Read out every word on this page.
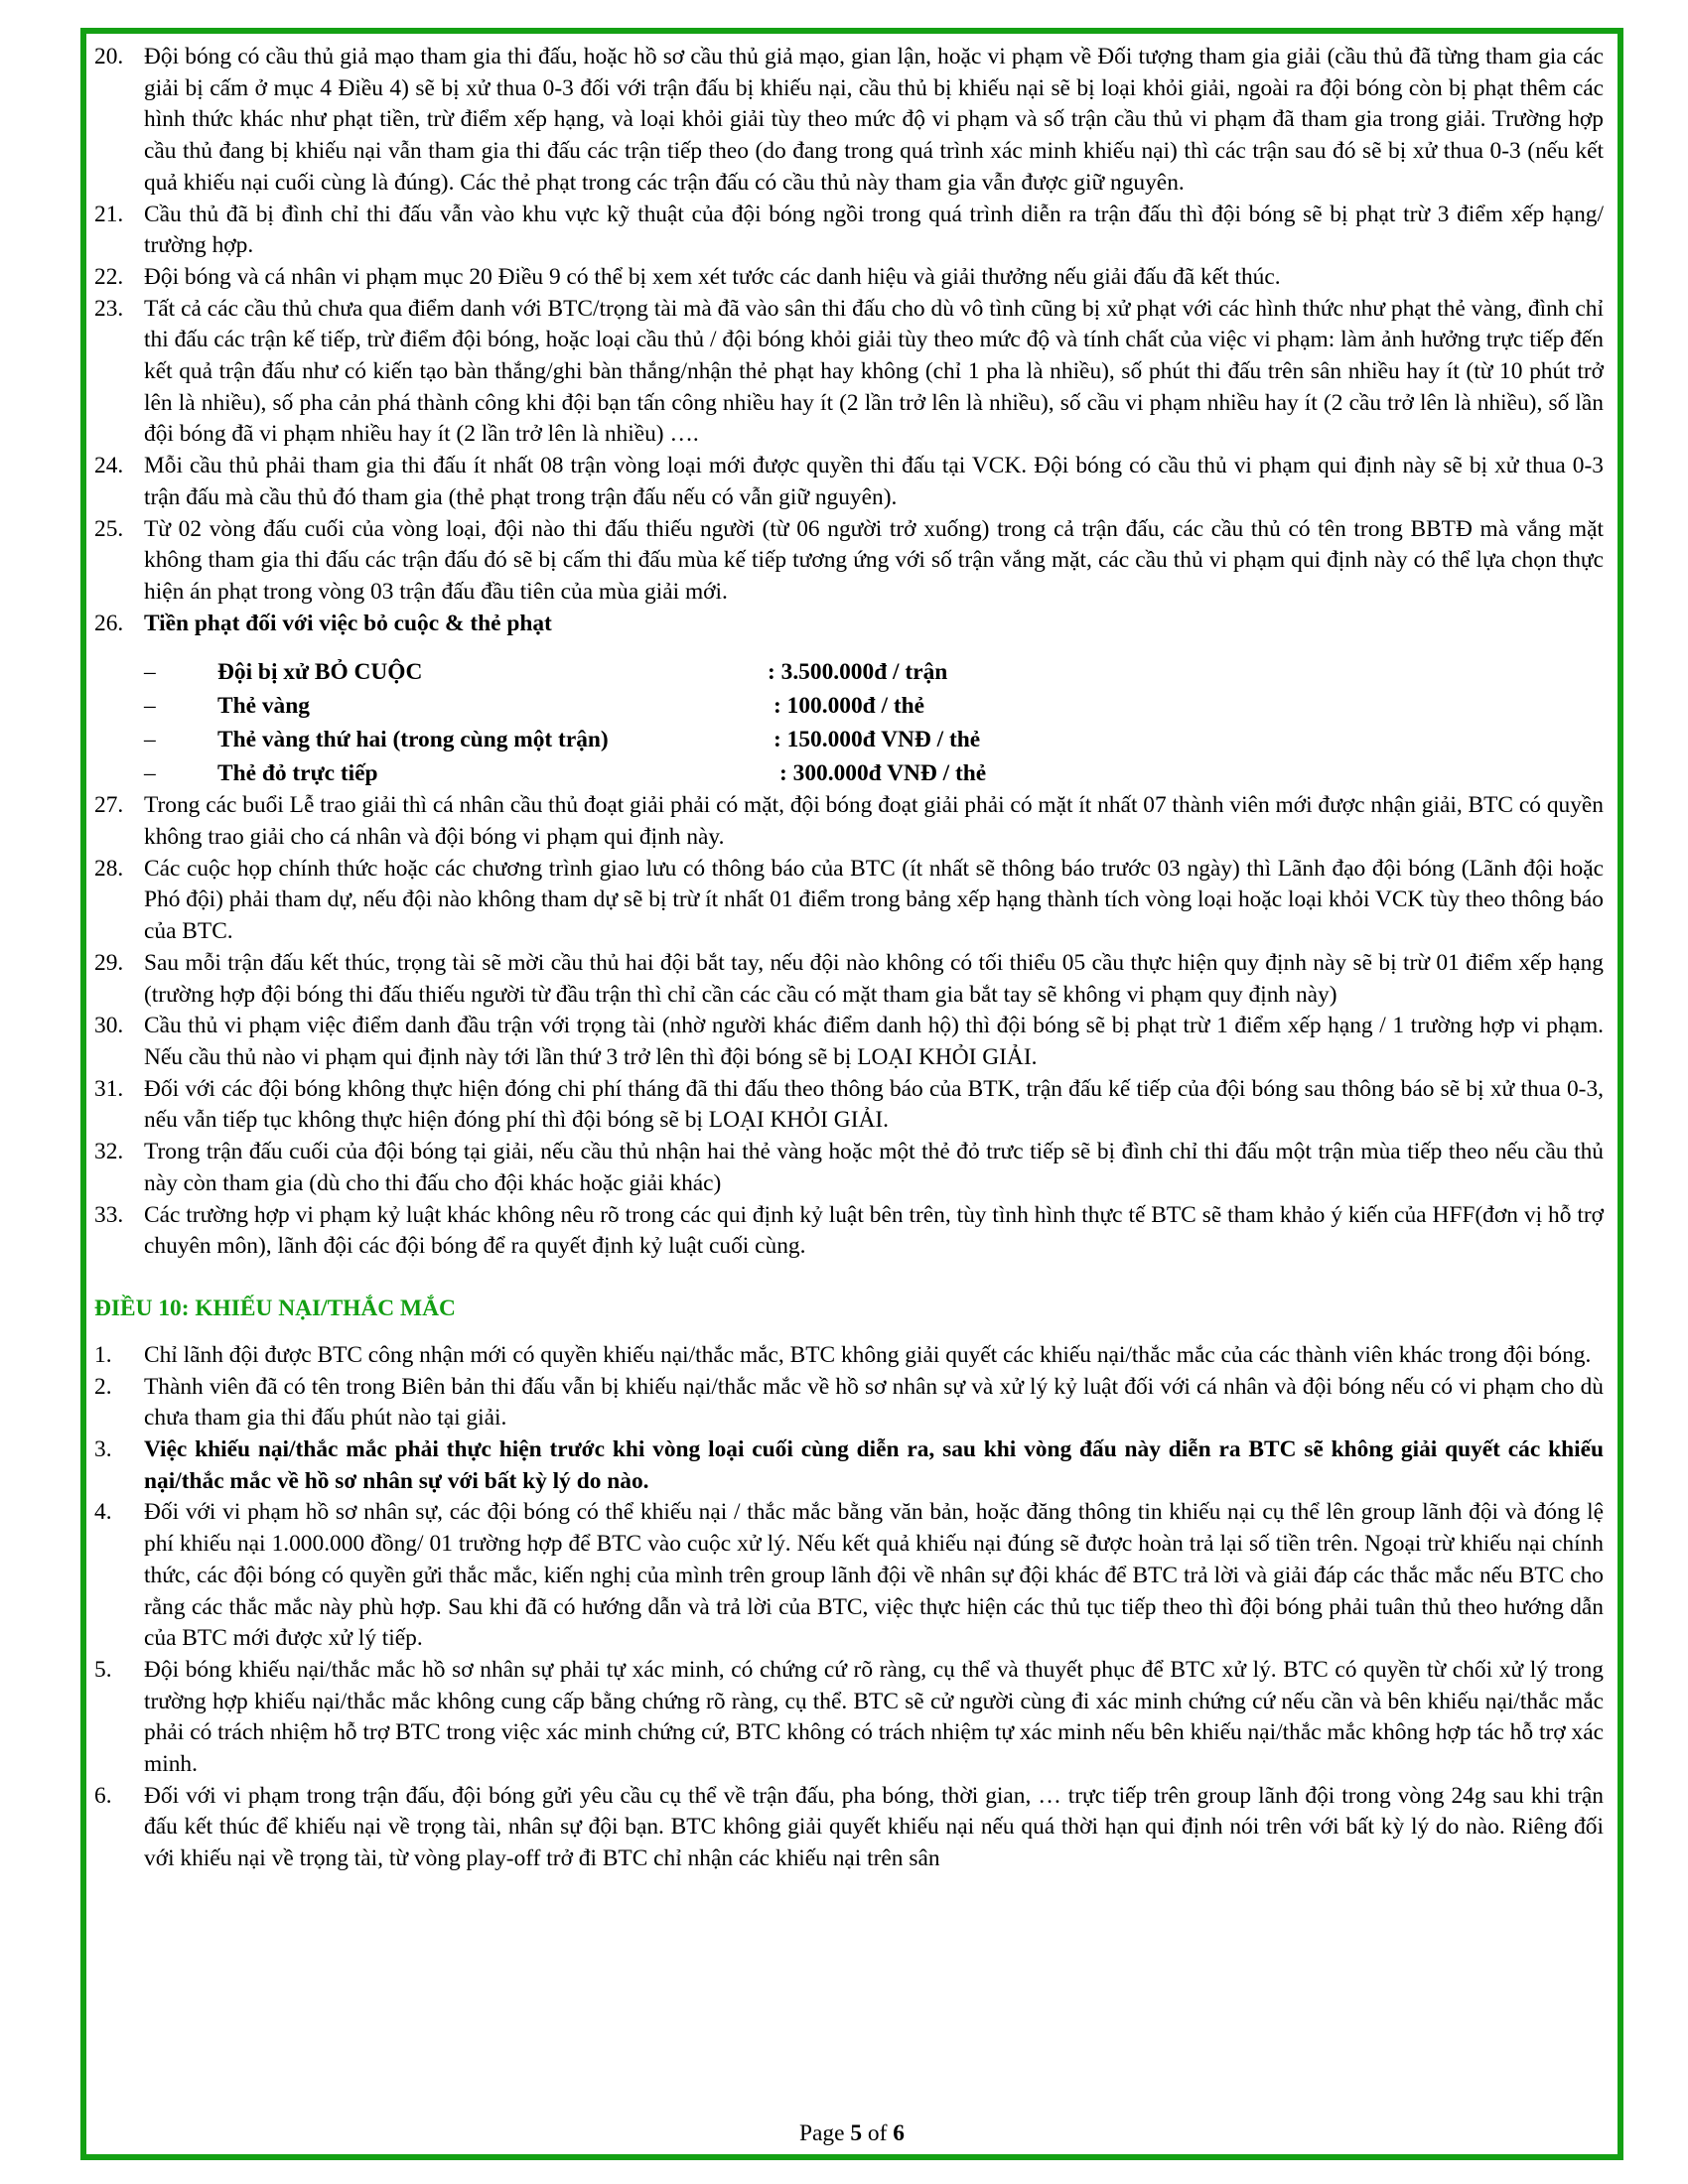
20. Đội bóng có cầu thủ giả mạo tham gia thi đấu, hoặc hồ sơ cầu thủ giả mạo, gian lận, hoặc vi phạm về Đối tượng tham gia giải (cầu thủ đã từng tham gia các giải bị cấm ở mục 4 Điều 4) sẽ bị xử thua 0-3 đối với trận đấu bị khiếu nại, cầu thủ bị khiếu nại sẽ bị loại khỏi giải, ngoài ra đội bóng còn bị phạt thêm các hình thức khác như phạt tiền, trừ điểm xếp hạng, và loại khỏi giải tùy theo mức độ vi phạm và số trận cầu thủ vi phạm đã tham gia trong giải. Trường hợp cầu thủ đang bị khiếu nại vẫn tham gia thi đấu các trận tiếp theo (do đang trong quá trình xác minh khiếu nại) thì các trận sau đó sẽ bị xử thua 0-3 (nếu kết quả khiếu nại cuối cùng là đúng). Các thẻ phạt trong các trận đấu có cầu thủ này tham gia vẫn được giữ nguyên.
21. Cầu thủ đã bị đình chỉ thi đấu vẫn vào khu vực kỹ thuật của đội bóng ngồi trong quá trình diễn ra trận đấu thì đội bóng sẽ bị phạt trừ 3 điểm xếp hạng/ trường hợp.
22. Đội bóng và cá nhân vi phạm mục 20 Điều 9 có thể bị xem xét tước các danh hiệu và giải thưởng nếu giải đấu đã kết thúc.
23. Tất cả các cầu thủ chưa qua điểm danh với BTC/trọng tài mà đã vào sân thi đấu cho dù vô tình cũng bị xử phạt với các hình thức như phạt thẻ vàng, đình chỉ thi đấu các trận kế tiếp, trừ điểm đội bóng, hoặc loại cầu thủ / đội bóng khỏi giải tùy theo mức độ và tính chất của việc vi phạm: làm ảnh hưởng trực tiếp đến kết quả trận đấu như có kiến tạo bàn thắng/ghi bàn thắng/nhận thẻ phạt hay không (chỉ 1 pha là nhiều), số phút thi đấu trên sân nhiều hay ít (từ 10 phút trở lên là nhiều), số pha cản phá thành công khi đội bạn tấn công nhiều hay ít (2 lần trở lên là nhiều), số cầu vi phạm nhiều hay ít (2 cầu trở lên là nhiều), số lần đội bóng đã vi phạm nhiều hay ít (2 lần trở lên là nhiều) ….
24. Mỗi cầu thủ phải tham gia thi đấu ít nhất 08 trận vòng loại mới được quyền thi đấu tại VCK. Đội bóng có cầu thủ vi phạm qui định này sẽ bị xử thua 0-3 trận đấu mà cầu thủ đó tham gia (thẻ phạt trong trận đấu nếu có vẫn giữ nguyên).
25. Từ 02 vòng đấu cuối của vòng loại, đội nào thi đấu thiếu người (từ 06 người trở xuống) trong cả trận đấu, các cầu thủ có tên trong BBTĐ mà vắng mặt không tham gia thi đấu các trận đấu đó sẽ bị cấm thi đấu mùa kế tiếp tương ứng với số trận vắng mặt, các cầu thủ vi phạm qui định này có thể lựa chọn thực hiện án phạt trong vòng 03 trận đấu đầu tiên của mùa giải mới.
26. Tiền phạt đối với việc bỏ cuộc & thẻ phạt
–	Đội bị xử BỎ CUỘC	: 3.500.000đ / trận
–	Thẻ vàng	: 100.000đ / thẻ
–	Thẻ vàng thứ hai (trong cùng một trận)	: 150.000đ VNĐ / thẻ
–	Thẻ đỏ trực tiếp	: 300.000đ VNĐ / thẻ
27. Trong các buổi Lễ trao giải thì cá nhân cầu thủ đoạt giải phải có mặt, đội bóng đoạt giải phải có mặt ít nhất 07 thành viên mới được nhận giải, BTC có quyền không trao giải cho cá nhân và đội bóng vi phạm qui định này.
28. Các cuộc họp chính thức hoặc các chương trình giao lưu có thông báo của BTC (ít nhất sẽ thông báo trước 03 ngày) thì Lãnh đạo đội bóng (Lãnh đội hoặc Phó đội) phải tham dự, nếu đội nào không tham dự sẽ bị trừ ít nhất 01 điểm trong bảng xếp hạng thành tích vòng loại hoặc loại khỏi VCK tùy theo thông báo của BTC.
29. Sau mỗi trận đấu kết thúc, trọng tài sẽ mời cầu thủ hai đội bắt tay, nếu đội nào không có tối thiểu 05 cầu thực hiện quy định này sẽ bị trừ 01 điểm xếp hạng (trường hợp đội bóng thi đấu thiếu người từ đầu trận thì chỉ cần các cầu có mặt tham gia bắt tay sẽ không vi phạm quy định này)
30. Cầu thủ vi phạm việc điểm danh đầu trận với trọng tài (nhờ người khác điểm danh hộ) thì đội bóng sẽ bị phạt trừ 1 điểm xếp hạng / 1 trường hợp vi phạm. Nếu cầu thủ nào vi phạm qui định này tới lần thứ 3 trở lên thì đội bóng sẽ bị LOẠI KHỎI GIẢI.
31. Đối với các đội bóng không thực hiện đóng chi phí tháng đã thi đấu theo thông báo của BTK, trận đấu kế tiếp của đội bóng sau thông báo sẽ bị xử thua 0-3, nếu vẫn tiếp tục không thực hiện đóng phí thì đội bóng sẽ bị LOẠI KHỎI GIẢI.
32. Trong trận đấu cuối của đội bóng tại giải, nếu cầu thủ nhận hai thẻ vàng hoặc một thẻ đỏ trưc tiếp sẽ bị đình chỉ thi đấu một trận mùa tiếp theo nếu cầu thủ này còn tham gia (dù cho thi đấu cho đội khác hoặc giải khác)
33. Các trường hợp vi phạm kỷ luật khác không nêu rõ trong các qui định kỷ luật bên trên, tùy tình hình thực tế BTC sẽ tham khảo ý kiến của HFF(đơn vị hỗ trợ chuyên môn), lãnh đội các đội bóng để ra quyết định kỷ luật cuối cùng.
ĐIỀU 10: KHIẾU NẠI/THẮC MẮC
1. Chỉ lãnh đội được BTC công nhận mới có quyền khiếu nại/thắc mắc, BTC không giải quyết các khiếu nại/thắc mắc của các thành viên khác trong đội bóng.
2. Thành viên đã có tên trong Biên bản thi đấu vẫn bị khiếu nại/thắc mắc về hồ sơ nhân sự và xử lý kỷ luật đối với cá nhân và đội bóng nếu có vi phạm cho dù chưa tham gia thi đấu phút nào tại giải.
3. Việc khiếu nại/thắc mắc phải thực hiện trước khi vòng loại cuối cùng diễn ra, sau khi vòng đấu này diễn ra BTC sẽ không giải quyết các khiếu nại/thắc mắc về hồ sơ nhân sự với bất kỳ lý do nào.
4. Đối với vi phạm hồ sơ nhân sự, các đội bóng có thể khiếu nại / thắc mắc bằng văn bản, hoặc đăng thông tin khiếu nại cụ thể lên group lãnh đội và đóng lệ phí khiếu nại 1.000.000 đồng/ 01 trường hợp để BTC vào cuộc xử lý. Nếu kết quả khiếu nại đúng sẽ được hoàn trả lại số tiền trên. Ngoại trừ khiếu nại chính thức, các đội bóng có quyền gửi thắc mắc, kiến nghị của mình trên group lãnh đội về nhân sự đội khác để BTC trả lời và giải đáp các thắc mắc nếu BTC cho rằng các thắc mắc này phù hợp. Sau khi đã có hướng dẫn và trả lời của BTC, việc thực hiện các thủ tục tiếp theo thì đội bóng phải tuân thủ theo hướng dẫn của BTC mới được xử lý tiếp.
5. Đội bóng khiếu nại/thắc mắc hồ sơ nhân sự phải tự xác minh, có chứng cứ rõ ràng, cụ thể và thuyết phục để BTC xử lý. BTC có quyền từ chối xử lý trong trường hợp khiếu nại/thắc mắc không cung cấp bằng chứng rõ ràng, cụ thể. BTC sẽ cử người cùng đi xác minh chứng cứ nếu cần và bên khiếu nại/thắc mắc phải có trách nhiệm hỗ trợ BTC trong việc xác minh chứng cứ, BTC không có trách nhiệm tự xác minh nếu bên khiếu nại/thắc mắc không hợp tác hỗ trợ xác minh.
6. Đối với vi phạm trong trận đấu, đội bóng gửi yêu cầu cụ thể về trận đấu, pha bóng, thời gian, … trực tiếp trên group lãnh đội trong vòng 24g sau khi trận đấu kết thúc để khiếu nại về trọng tài, nhân sự đội bạn. BTC không giải quyết khiếu nại nếu quá thời hạn qui định nói trên với bất kỳ lý do nào. Riêng đối với khiếu nại về trọng tài, từ vòng play-off trở đi BTC chỉ nhận các khiếu nại trên sân
Page 5 of 6
